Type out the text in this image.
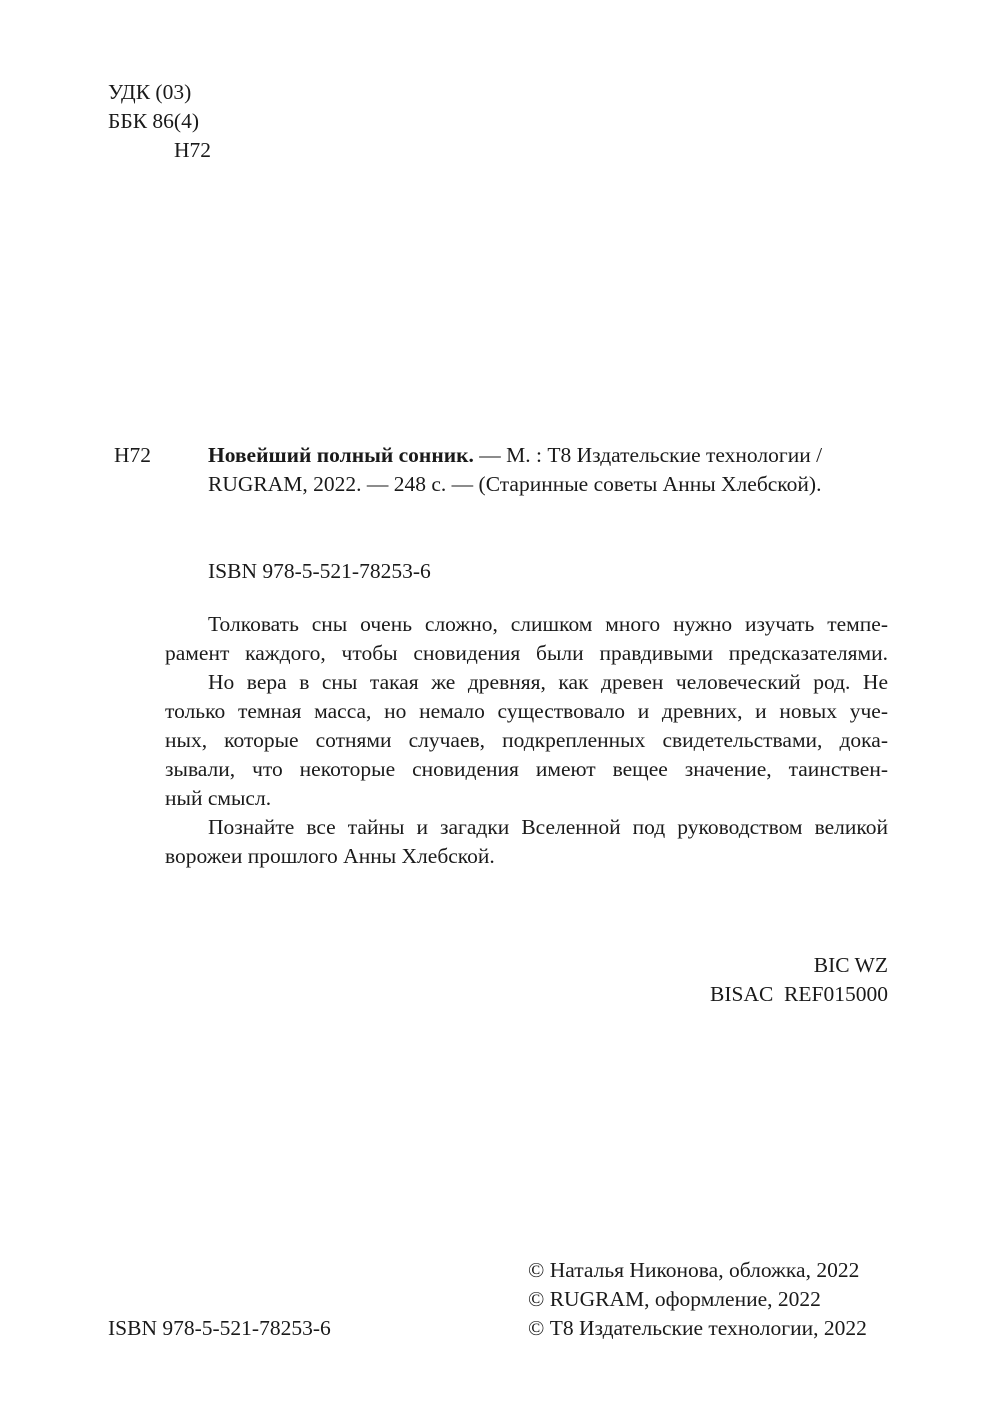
УДК (03)
ББК 86(4)
Н72
Н72	Новейший полный сонник. — М. : Т8 Издательские технологии /
RUGRAM, 2022. — 248 с. — (Старинные советы Анны Хлебской).
ISBN 978-5-521-78253-6
Толковать сны очень сложно, слишком много нужно изучать темпе-
рамент каждого, чтобы сновидения были правдивыми предсказателями.
Но вера в сны такая же древняя, как древен человеческий род. Не
только темная масса, но немало существовало и древних, и новых уче-
ных, которые сотнями случаев, подкрепленных свидетельствами, дока-
зывали, что некоторые сновидения имеют вещее значение, таинствен-
ный смысл.
Познайте все тайны и загадки Вселенной под руководством великой
ворожеи прошлого Анны Хлебской.
BIC WZ
BISAC  REF015000
ISBN 978-5-521-78253-6
© Наталья Никонова, обложка, 2022
© RUGRAM, оформление, 2022
© Т8 Издательские технологии, 2022
